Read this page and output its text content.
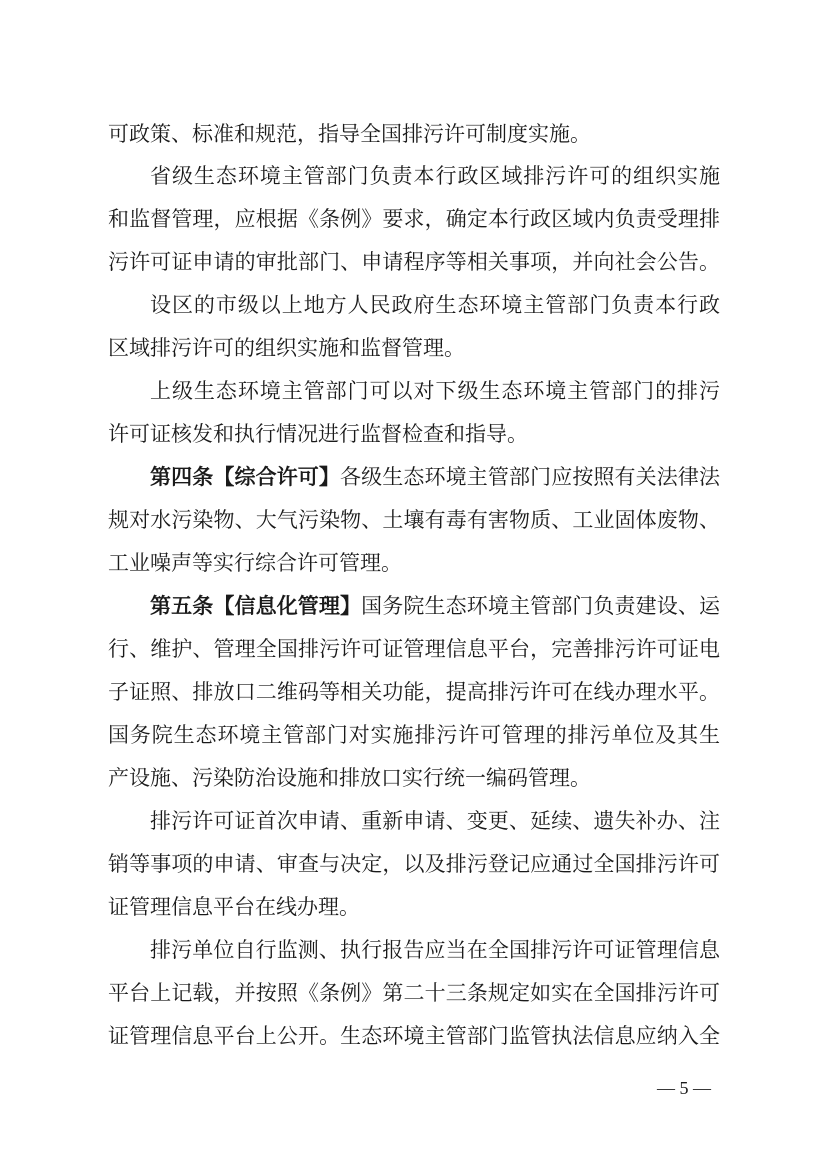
可政策、标准和规范，指导全国排污许可制度实施。
省级生态环境主管部门负责本行政区域排污许可的组织实施
和监督管理，应根据《条例》要求，确定本行政区域内负责受理排
污许可证申请的审批部门、申请程序等相关事项，并向社会公告。
设区的市级以上地方人民政府生态环境主管部门负责本行政
区域排污许可的组织实施和监督管理。
上级生态环境主管部门可以对下级生态环境主管部门的排污
许可证核发和执行情况进行监督检查和指导。
第四条【综合许可】各级生态环境主管部门应按照有关法律法
规对水污染物、大气污染物、土壤有毒有害物质、工业固体废物、
工业噪声等实行综合许可管理。
第五条【信息化管理】国务院生态环境主管部门负责建设、运
行、维护、管理全国排污许可证管理信息平台，完善排污许可证电
子证照、排放口二维码等相关功能，提高排污许可在线办理水平。
国务院生态环境主管部门对实施排污许可管理的排污单位及其生
产设施、污染防治设施和排放口实行统一编码管理。
排污许可证首次申请、重新申请、变更、延续、遗失补办、注
销等事项的申请、审查与决定，以及排污登记应通过全国排污许可
证管理信息平台在线办理。
排污单位自行监测、执行报告应当在全国排污许可证管理信息
平台上记载，并按照《条例》第二十三条规定如实在全国排污许可
证管理信息平台上公开。生态环境主管部门监管执法信息应纳入全
— 5 —
